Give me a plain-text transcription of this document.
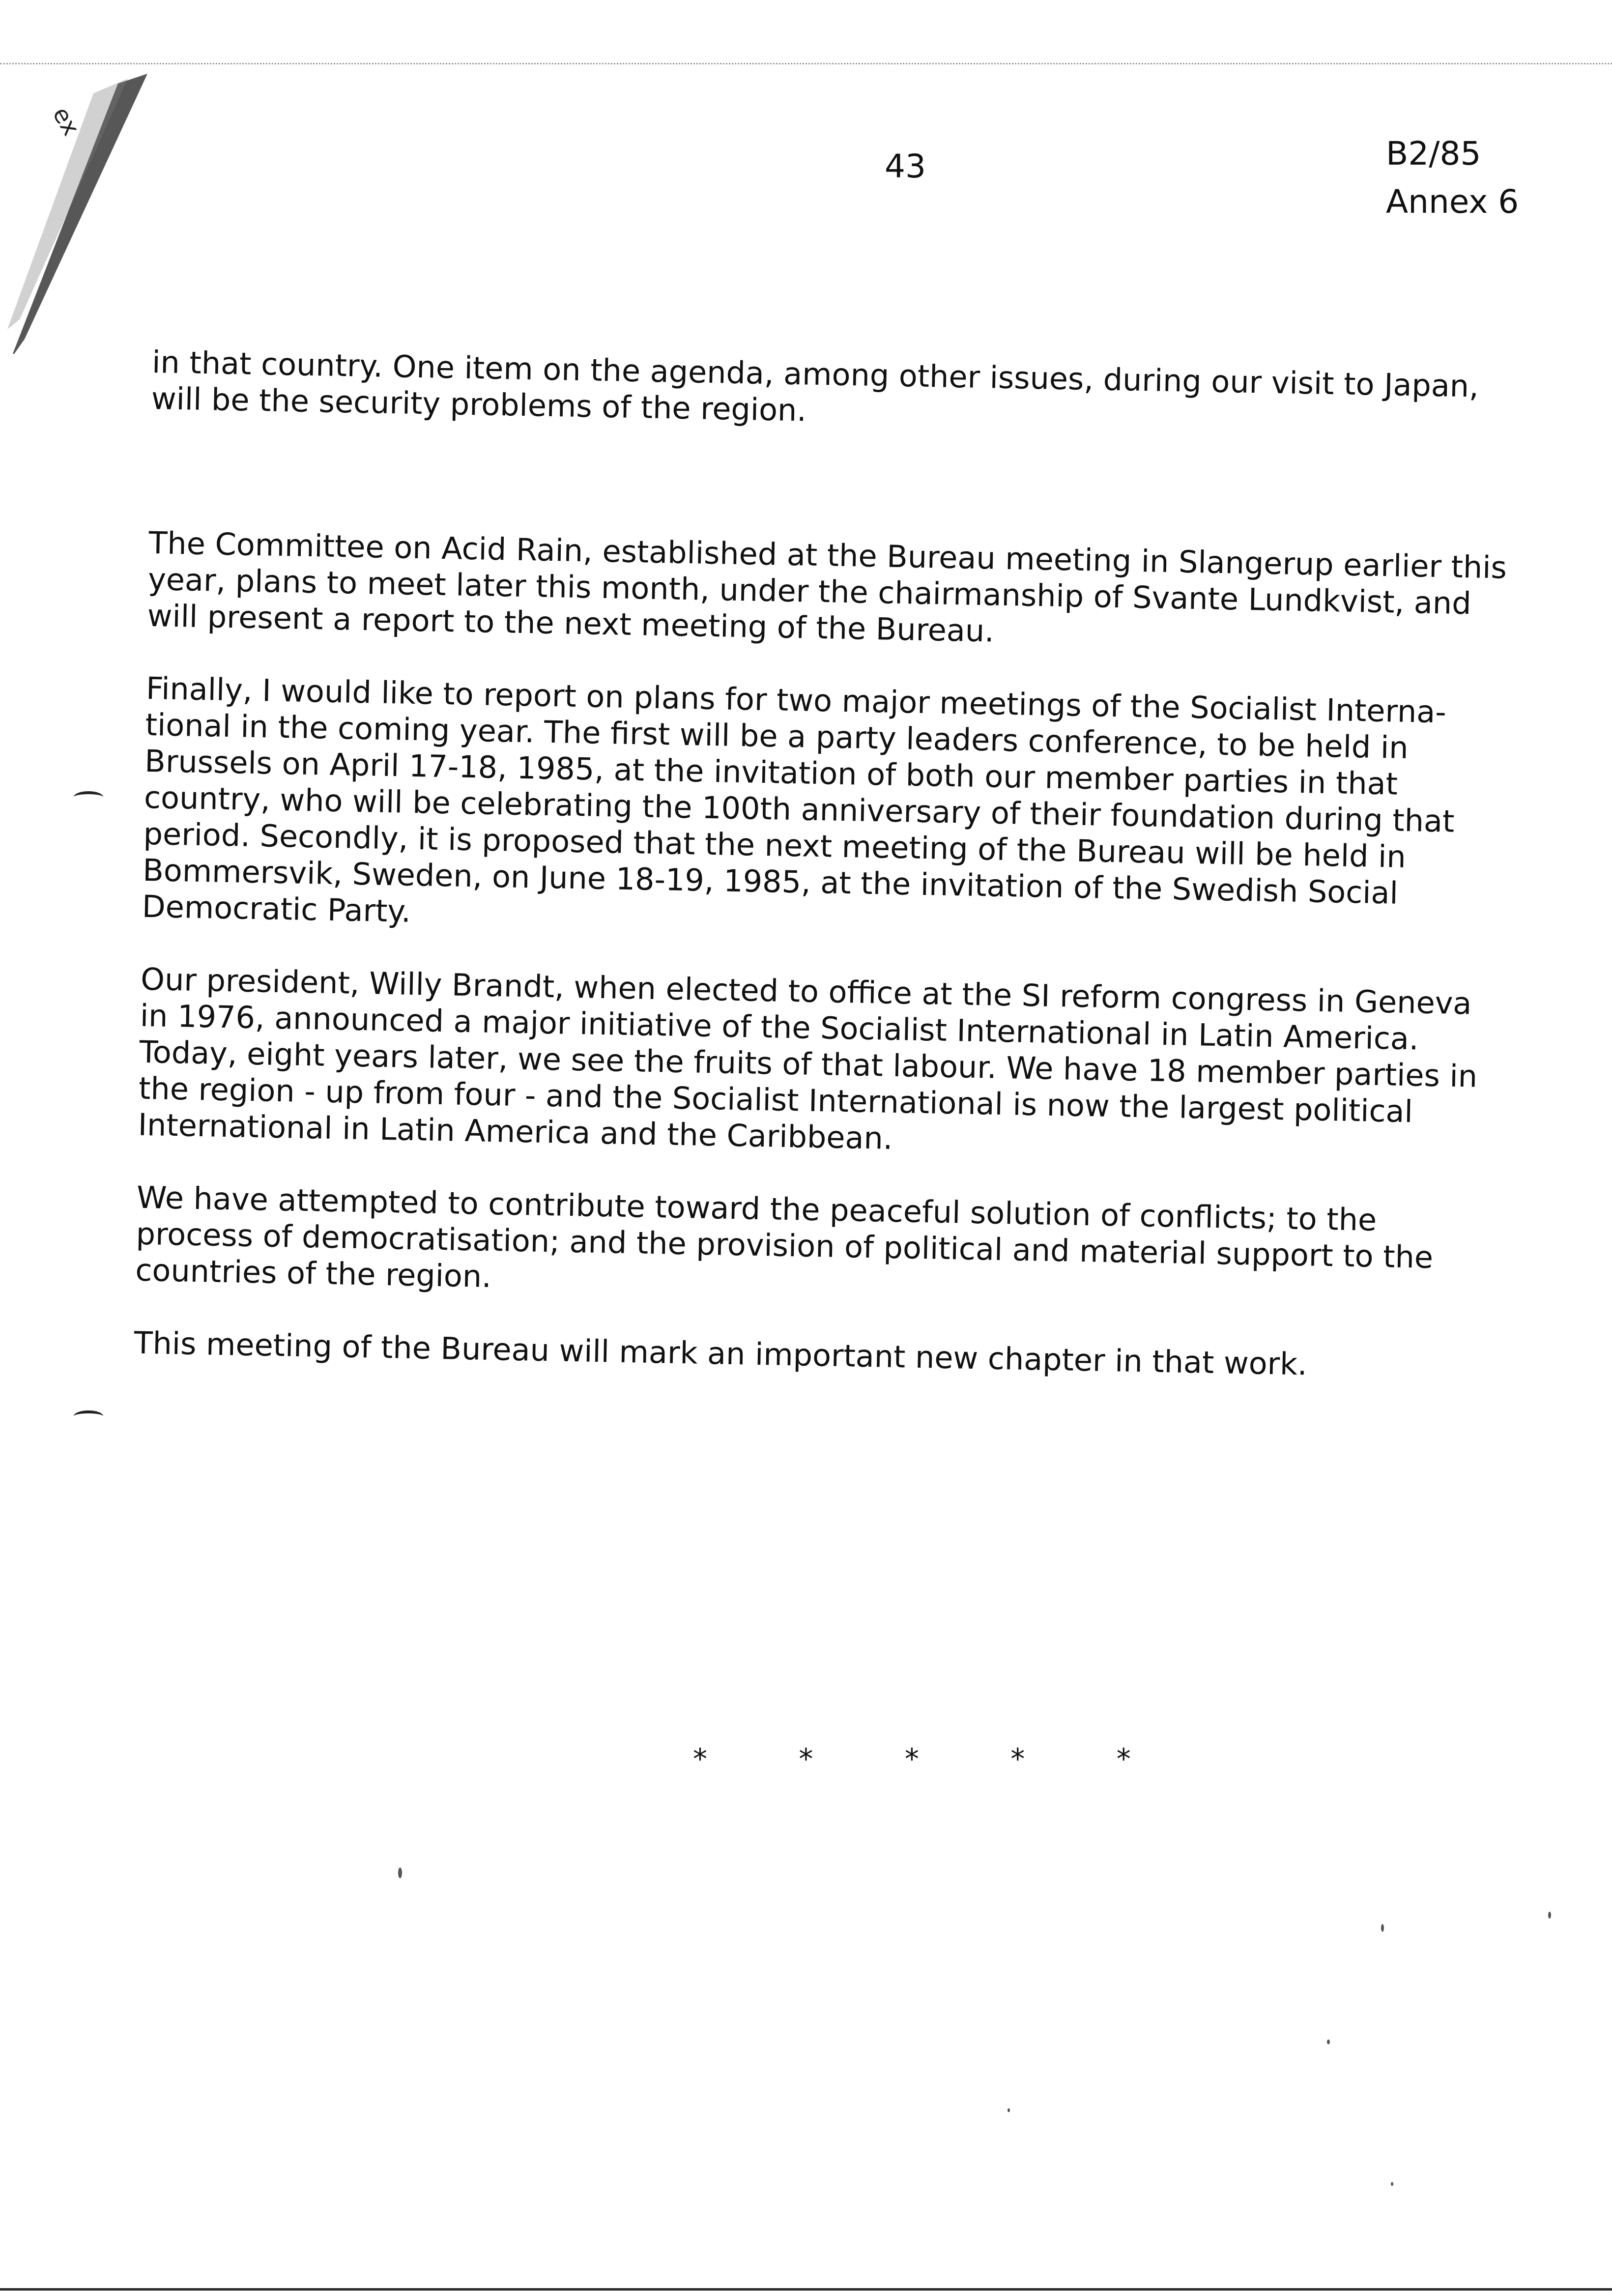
ex
43	B2/85
Annex 6

in that country. One item on the agenda, among other issues, during our visit to Japan,
will be the security problems of the region.

The Committee on Acid Rain, established at the Bureau meeting in Slangerup earlier this
year, plans to meet later this month, under the chairmanship of Svante Lundkvist, and
will present a report to the next meeting of the Bureau.

Finally, I would like to report on plans for two major meetings of the Socialist Interna-
tional in the coming year. The first will be a party leaders conference, to be held in
Brussels on April 17-18, 1985, at the invitation of both our member parties in that
country, who will be celebrating the 100th anniversary of their foundation during that
period. Secondly, it is proposed that the next meeting of the Bureau will be held in
Bommersvik, Sweden, on June 18-19, 1985, at the invitation of the Swedish Social
Democratic Party.

Our president, Willy Brandt, when elected to office at the SI reform congress in Geneva
in 1976, announced a major initiative of the Socialist International in Latin America.
Today, eight years later, we see the fruits of that labour. We have 18 member parties in
the region - up from four - and the Socialist International is now the largest political
International in Latin America and the Caribbean.

We have attempted to contribute toward the peaceful solution of conflicts; to the
process of democratisation; and the provision of political and material support to the
countries of the region.

This meeting of the Bureau will mark an important new chapter in that work.

* * * * *
